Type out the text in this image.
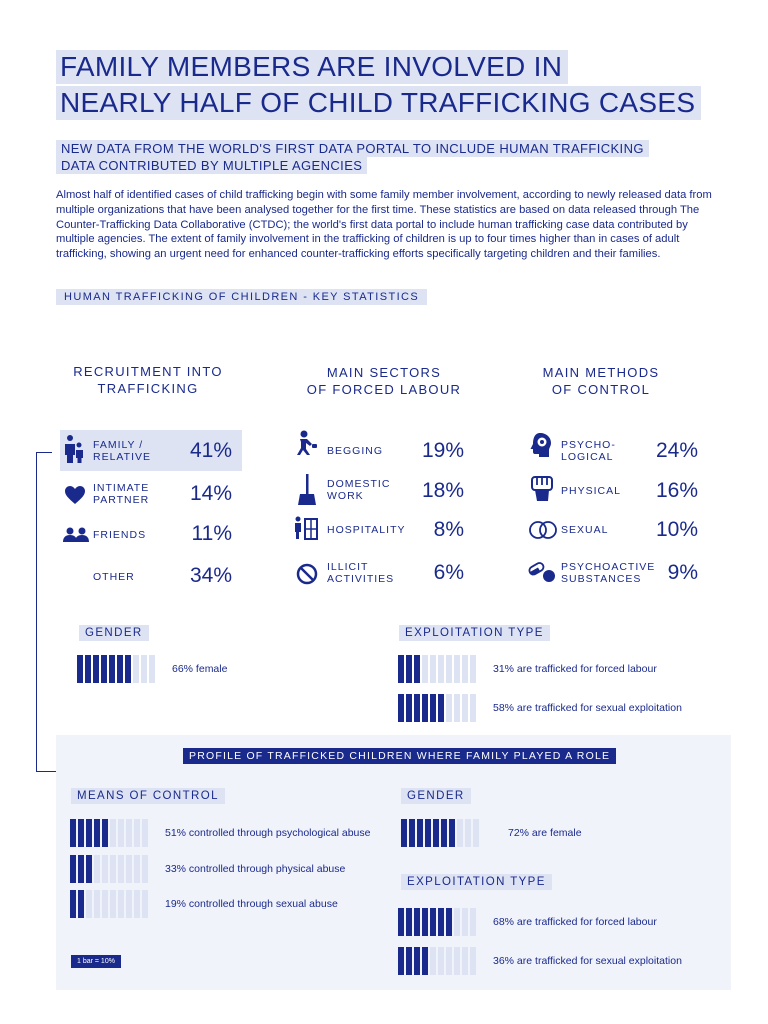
FAMILY MEMBERS ARE INVOLVED IN
NEARLY HALF OF CHILD TRAFFICKING CASES
NEW DATA FROM THE WORLD'S FIRST DATA PORTAL TO INCLUDE HUMAN TRAFFICKING
DATA CONTRIBUTED BY MULTIPLE AGENCIES
Almost half of identified cases of child trafficking begin with some family member involvement, according to newly released data from multiple organizations that have been analysed together for the first time. These statistics are based on data released through The Counter-Trafficking Data Collaborative (CTDC); the world's first data portal to include human trafficking case data contributed by multiple agencies. The extent of family involvement in the trafficking of children is up to four times higher than in cases of adult trafficking, showing an urgent need for enhanced counter-trafficking efforts specifically targeting children and their families.
HUMAN TRAFFICKING OF CHILDREN - KEY STATISTICS
RECRUITMENT INTO
TRAFFICKING
MAIN SECTORS
OF FORCED LABOUR
MAIN METHODS
OF CONTROL
FAMILY /
RELATIVE	41%
INTIMATE
PARTNER	14%
FRIENDS	11%
OTHER	34%
BEGGING	19%
DOMESTIC
WORK	18%
HOSPITALITY	8%
ILLICIT
ACTIVITIES	6%
PSYCHO-
LOGICAL	24%
PHYSICAL	16%
SEXUAL	10%
PSYCHOACTIVE
SUBSTANCES	9%
GENDER
66% female
EXPLOITATION TYPE
31% are trafficked for forced labour
58% are trafficked for sexual exploitation
PROFILE OF TRAFFICKED CHILDREN WHERE FAMILY PLAYED A ROLE
MEANS OF CONTROL
51% controlled through psychological abuse
33% controlled through physical abuse
19% controlled through sexual abuse
1 bar = 10%
GENDER
72% are female
EXPLOITATION TYPE
68% are trafficked for forced labour
36% are trafficked for sexual exploitation
